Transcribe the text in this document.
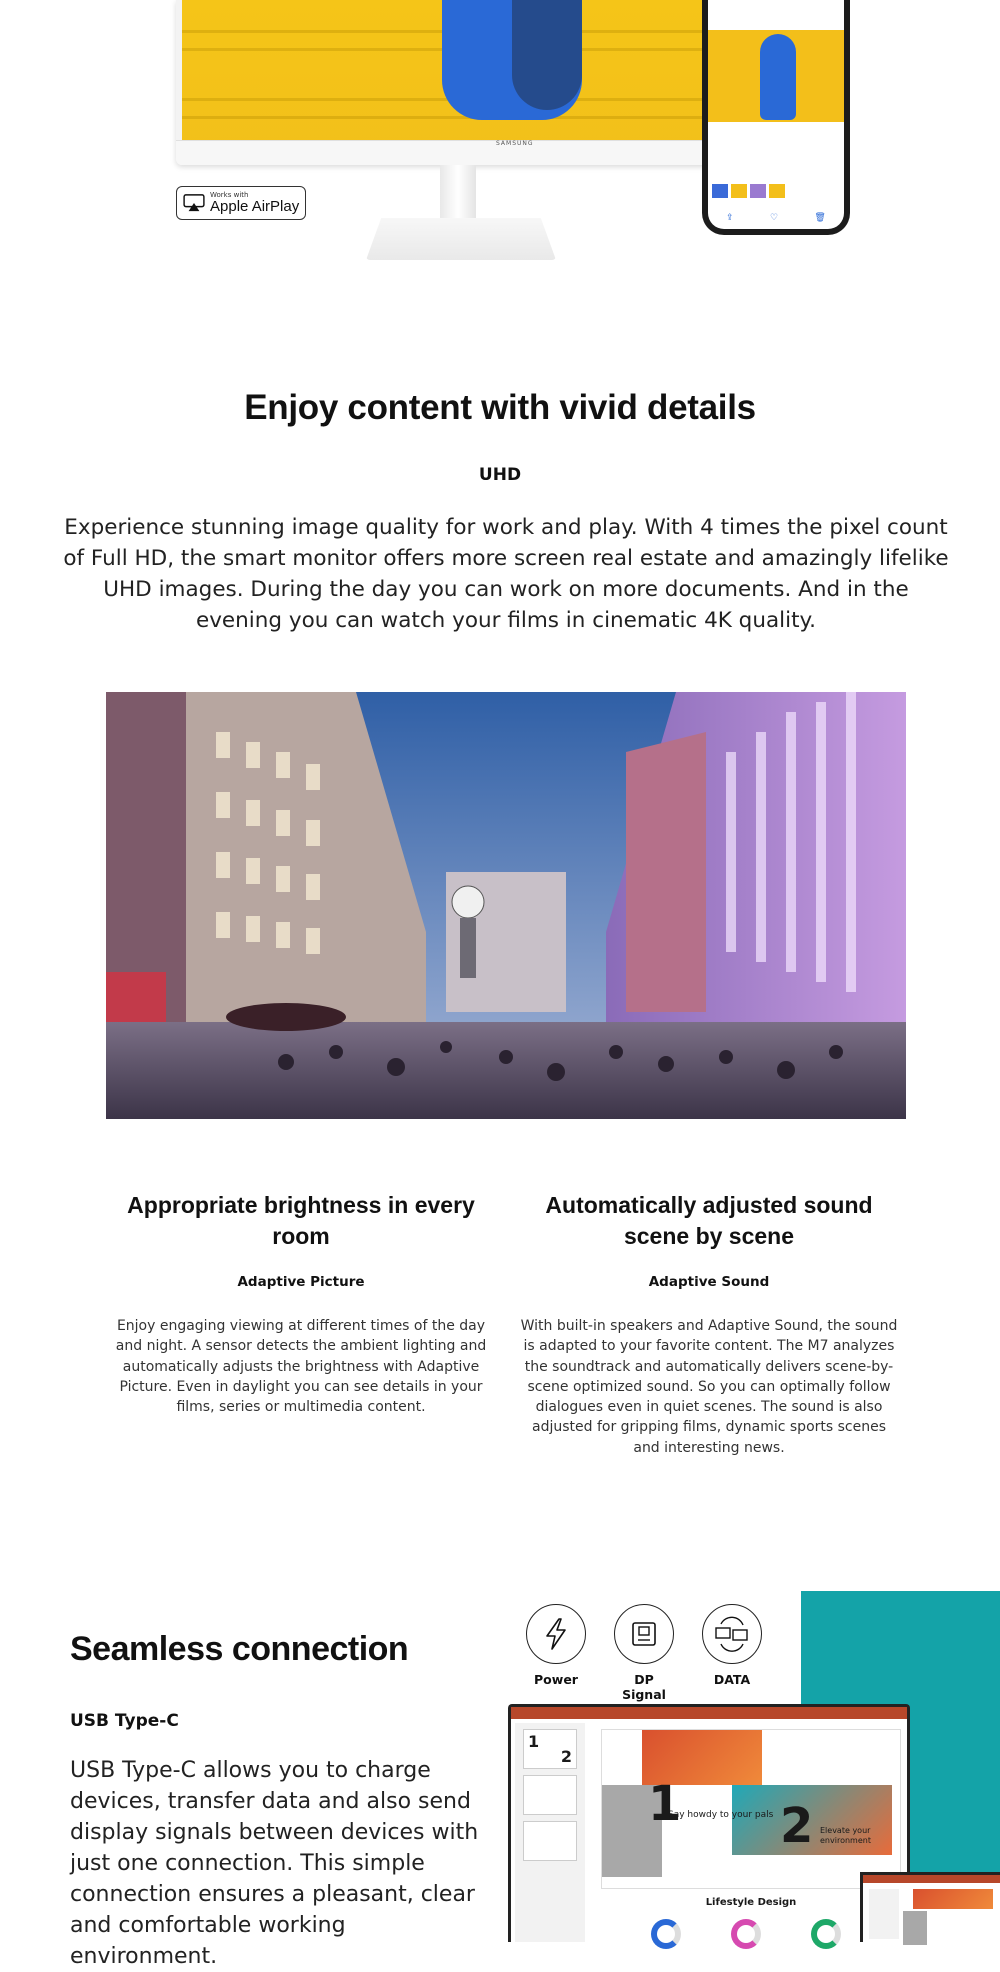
SAMSUNG
Works with
Apple AirPlay
⇪	♡	🗑
Enjoy content with vivid details
UHD

Experience stunning image quality for work and play. With 4 times the pixel count of Full HD, the smart monitor offers more screen real estate and amazingly lifelike UHD images. During the day you can work on more documents. And in the evening you can watch your films in cinematic 4K quality.

Appropriate brightness in every room
Adaptive Picture

Enjoy engaging viewing at different times of the day and night. A sensor detects the ambient lighting and automatically adjusts the brightness with Adaptive Picture. Even in daylight you can see details in your films, series or multimedia content.

Automatically adjusted sound scene by scene
Adaptive Sound

With built-in speakers and Adaptive Sound, the sound is adapted to your favorite content. The M7 analyzes the soundtrack and automatically delivers scene-by-scene optimized sound. So you can optimally follow dialogues even in quiet scenes. The sound is also adjusted for gripping films, dynamic sports scenes and interesting news.

Seamless connection
USB Type-C

USB Type-C allows you to charge devices, transfer data and also send display signals between devices with just one connection. This simple connection ensures a pleasant, clear and comfortable working environment.

Power	DP Signal
DATA
1
2
1
Say howdy to your pals 2 Elevate your environment
Lifestyle Design
